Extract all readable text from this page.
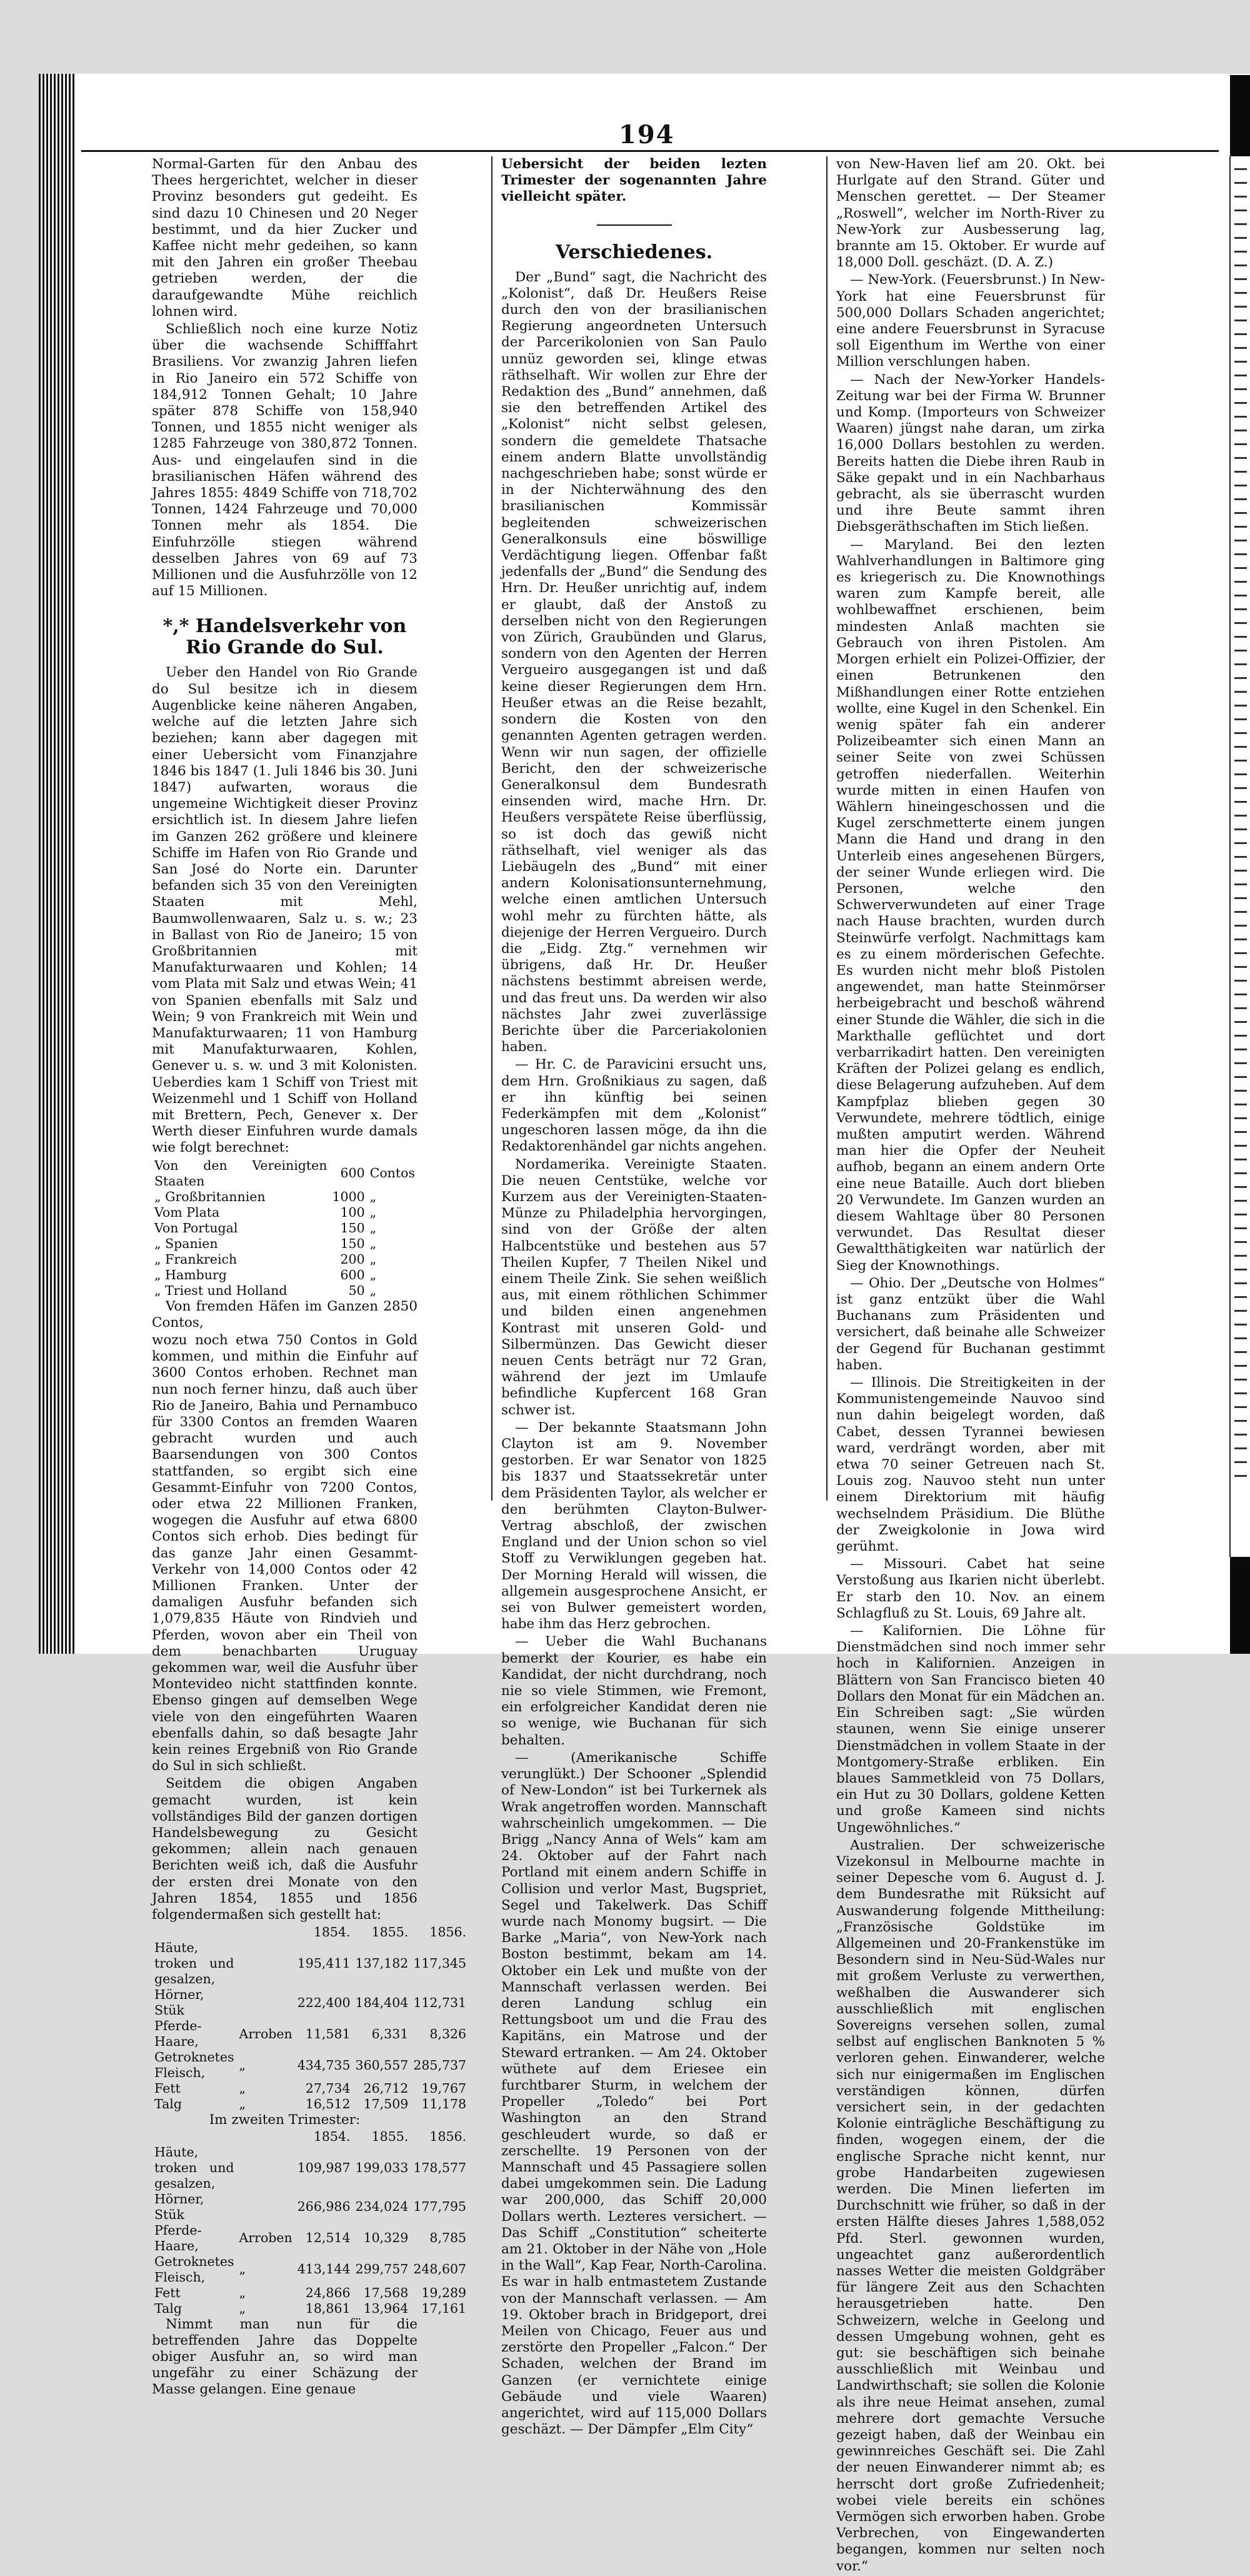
194

Normal-Garten für den Anbau des Thees hergerichtet, welcher in dieser Provinz besonders gut gedeiht. Es sind dazu 10 Chinesen und 20 Neger bestimmt, und da hier Zucker und Kaffee nicht mehr gedeihen, so kann mit den Jahren ein großer Theebau getrieben werden, der die daraufgewandte Mühe reichlich lohnen wird.

Schließlich noch eine kurze Notiz über die wachsende Schifffahrt Brasiliens. Vor zwanzig Jahren liefen in Rio Janeiro ein 572 Schiffe von 184,912 Tonnen Gehalt; 10 Jahre später 878 Schiffe von 158,940 Tonnen, und 1855 nicht weniger als 1285 Fahrzeuge von 380,872 Tonnen. Aus- und eingelaufen sind in die brasilianischen Häfen während des Jahres 1855: 4849 Schiffe von 718,702 Tonnen, 1424 Fahrzeuge und 70,000 Tonnen mehr als 1854. Die Einfuhrzölle stiegen während desselben Jahres von 69 auf 73 Millionen und die Ausfuhrzölle von 12 auf 15 Millionen.

*,* Handelsverkehr von Rio Grande do Sul.

Ueber den Handel von Rio Grande do Sul besitze ich in diesem Augenblicke keine näheren Angaben, welche auf die letzten Jahre sich beziehen; kann aber dagegen mit einer Uebersicht vom Finanzjahre 1846 bis 1847 (1. Juli 1846 bis 30. Juni 1847) aufwarten, woraus die ungemeine Wichtigkeit dieser Provinz ersichtlich ist. In diesem Jahre liefen im Ganzen 262 größere und kleinere Schiffe im Hafen von Rio Grande und San José do Norte ein. Darunter befanden sich 35 von den Vereinigten Staaten mit Mehl, Baumwollenwaaren, Salz u. s. w.; 23 in Ballast von Rio de Janeiro; 15 von Großbritannien mit Manufakturwaaren und Kohlen; 14 vom Plata mit Salz und etwas Wein; 41 von Spanien ebenfalls mit Salz und Wein; 9 von Frankreich mit Wein und Manufakturwaaren; 11 von Hamburg mit Manufakturwaaren, Kohlen, Genever u. s. w. und 3 mit Kolonisten. Ueberdies kam 1 Schiff von Triest mit Weizenmehl und 1 Schiff von Holland mit Brettern, Pech, Genever x. Der Werth dieser Einfuhren wurde damals wie folgt berechnet:

Von den Vereinigten Staaten	600	Contos
„ Großbritannien	1000	„
Vom Plata	100	„
Von Portugal	150	„
„ Spanien	150	„
„ Frankreich	200	„
„ Hamburg	600	„
„ Triest und Holland	50	„

Von fremden Häfen im Ganzen 2850 Contos,

wozu noch etwa 750 Contos in Gold kommen, und mithin die Einfuhr auf 3600 Contos erhoben. Rechnet man nun noch ferner hinzu, daß auch über Rio de Janeiro, Bahia und Pernambuco für 3300 Contos an fremden Waaren gebracht wurden und auch Baarsendungen von 300 Contos stattfanden, so ergibt sich eine Gesammt-Einfuhr von 7200 Contos, oder etwa 22 Millionen Franken, wogegen die Ausfuhr auf etwa 6800 Contos sich erhob. Dies bedingt für das ganze Jahr einen Gesammt-Verkehr von 14,000 Contos oder 42 Millionen Franken. Unter der damaligen Ausfuhr befanden sich 1,079,835 Häute von Rindvieh und Pferden, wovon aber ein Theil von dem benachbarten Uruguay gekommen war, weil die Ausfuhr über Montevideo nicht stattfinden konnte. Ebenso gingen auf demselben Wege viele von den eingeführten Waaren ebenfalls dahin, so daß besagte Jahr kein reines Ergebniß von Rio Grande do Sul in sich schließt.

Seitdem die obigen Angaben gemacht wurden, ist kein vollständiges Bild der ganzen dortigen Handelsbewegung zu Gesicht gekommen; allein nach genauen Berichten weiß ich, daß die Ausfuhr der ersten drei Monate von den Jahren 1854, 1855 und 1856 folgendermaßen sich gestellt hat:

		1854.	1855.	1856.
Häute, troken und gesalzen,		195,411	137,182	117,345
Hörner, Stük		222,400	184,404	112,731
Pferde-Haare,	Arroben	11,581	6,331	8,326
Getroknetes Fleisch,	„	434,735	360,557	285,737
Fett	„	27,734	26,712	19,767
Talg	„	16,512	17,509	11,178
Im zweiten Trimester:
		1854.	1855.	1856.
Häute, troken und gesalzen,		109,987	199,033	178,577
Hörner, Stük		266,986	234,024	177,795
Pferde-Haare,	Arroben	12,514	10,329	8,785
Getroknetes Fleisch,	„	413,144	299,757	248,607
Fett	„	24,866	17,568	19,289
Talg	„	18,861	13,964	17,161

Nimmt man nun für die betreffenden Jahre das Doppelte obiger Ausfuhr an, so wird man ungefähr zu einer Schäzung der Masse gelangen. Eine genaue

Uebersicht der beiden lezten Trimester der sogenannten Jahre vielleicht später.

Verschiedenes.

Der „Bund“ sagt, die Nachricht des „Kolonist“, daß Dr. Heußers Reise durch den von der brasilianischen Regierung angeordneten Untersuch der Parcerikolonien von San Paulo unnüz geworden sei, klinge etwas räthselhaft. Wir wollen zur Ehre der Redaktion des „Bund“ annehmen, daß sie den betreffenden Artikel des „Kolonist“ nicht selbst gelesen, sondern die gemeldete Thatsache einem andern Blatte unvollständig nachgeschrieben habe; sonst würde er in der Nichterwähnung des den brasilianischen Kommissär begleitenden schweizerischen Generalkonsuls eine böswillige Verdächtigung liegen. Offenbar faßt jedenfalls der „Bund“ die Sendung des Hrn. Dr. Heußer unrichtig auf, indem er glaubt, daß der Anstoß zu derselben nicht von den Regierungen von Zürich, Graubünden und Glarus, sondern von den Agenten der Herren Vergueiro ausgegangen ist und daß keine dieser Regierungen dem Hrn. Heußer etwas an die Reise bezahlt, sondern die Kosten von den genannten Agenten getragen werden. Wenn wir nun sagen, der offizielle Bericht, den der schweizerische Generalkonsul dem Bundesrath einsenden wird, mache Hrn. Dr. Heußers verspätete Reise überflüssig, so ist doch das gewiß nicht räthselhaft, viel weniger als das Liebäugeln des „Bund“ mit einer andern Kolonisationsunternehmung, welche einen amtlichen Untersuch wohl mehr zu fürchten hätte, als diejenige der Herren Vergueiro. Durch die „Eidg. Ztg.“ vernehmen wir übrigens, daß Hr. Dr. Heußer nächstens bestimmt abreisen werde, und das freut uns. Da werden wir also nächstes Jahr zwei zuverlässige Berichte über die Parceriakolonien haben.

— Hr. C. de Paravicini ersucht uns, dem Hrn. Großnikiaus zu sagen, daß er ihn künftig bei seinen Federkämpfen mit dem „Kolonist“ ungeschoren lassen möge, da ihn die Redaktorenhändel gar nichts angehen.

Nordamerika. Vereinigte Staaten. Die neuen Centstüke, welche vor Kurzem aus der Vereinigten-Staaten-Münze zu Philadelphia hervorgingen, sind von der Größe der alten Halbcentstüke und bestehen aus 57 Theilen Kupfer, 7 Theilen Nikel und einem Theile Zink. Sie sehen weißlich aus, mit einem röthlichen Schimmer und bilden einen angenehmen Kontrast mit unseren Gold- und Silbermünzen. Das Gewicht dieser neuen Cents beträgt nur 72 Gran, während der jezt im Umlaufe befindliche Kupfercent 168 Gran schwer ist.

— Der bekannte Staatsmann John Clayton ist am 9. November gestorben. Er war Senator von 1825 bis 1837 und Staatssekretär unter dem Präsidenten Taylor, als welcher er den berühmten Clayton-Bulwer-Vertrag abschloß, der zwischen England und der Union schon so viel Stoff zu Verwiklungen gegeben hat. Der Morning Herald will wissen, die allgemein ausgesprochene Ansicht, er sei von Bulwer gemeistert worden, habe ihm das Herz gebrochen.

— Ueber die Wahl Buchanans bemerkt der Kourier, es habe ein Kandidat, der nicht durchdrang, noch nie so viele Stimmen, wie Fremont, ein erfolgreicher Kandidat deren nie so wenige, wie Buchanan für sich behalten.

— (Amerikanische Schiffe verunglükt.) Der Schooner „Splendid of New-London“ ist bei Turkernek als Wrak angetroffen worden. Mannschaft wahrscheinlich umgekommen. — Die Brigg „Nancy Anna of Wels“ kam am 24. Oktober auf der Fahrt nach Portland mit einem andern Schiffe in Collision und verlor Mast, Bugspriet, Segel und Takelwerk. Das Schiff wurde nach Monomy bugsirt. — Die Barke „Maria“, von New-York nach Boston bestimmt, bekam am 14. Oktober ein Lek und mußte von der Mannschaft verlassen werden. Bei deren Landung schlug ein Rettungsboot um und die Frau des Kapitäns, ein Matrose und der Steward ertranken. — Am 24. Oktober wüthete auf dem Eriesee ein furchtbarer Sturm, in welchem der Propeller „Toledo“ bei Port Washington an den Strand geschleudert wurde, so daß er zerschellte. 19 Personen von der Mannschaft und 45 Passagiere sollen dabei umgekommen sein. Die Ladung war 200,000, das Schiff 20,000 Dollars werth. Lezteres versichert. — Das Schiff „Constitution“ scheiterte am 21. Oktober in der Nähe von „Hole in the Wall“, Kap Fear, North-Carolina. Es war in halb entmastetem Zustande von der Mannschaft verlassen. — Am 19. Oktober brach in Bridgeport, drei Meilen von Chicago, Feuer aus und zerstörte den Propeller „Falcon.“ Der Schaden, welchen der Brand im Ganzen (er vernichtete einige Gebäude und viele Waaren) angerichtet, wird auf 115,000 Dollars geschäzt. — Der Dämpfer „Elm City“

von New-Haven lief am 20. Okt. bei Hurlgate auf den Strand. Güter und Menschen gerettet. — Der Steamer „Roswell“, welcher im North-River zu New-York zur Ausbesserung lag, brannte am 15. Oktober. Er wurde auf 18,000 Doll. geschäzt. (D. A. Z.)

— New-York. (Feuersbrunst.) In New-York hat eine Feuersbrunst für 500,000 Dollars Schaden angerichtet; eine andere Feuersbrunst in Syracuse soll Eigenthum im Werthe von einer Million verschlungen haben.

— Nach der New-Yorker Handels-Zeitung war bei der Firma W. Brunner und Komp. (Importeurs von Schweizer Waaren) jüngst nahe daran, um zirka 16,000 Dollars bestohlen zu werden. Bereits hatten die Diebe ihren Raub in Säke gepakt und in ein Nachbarhaus gebracht, als sie überrascht wurden und ihre Beute sammt ihren Diebsgeräthschaften im Stich ließen.

— Maryland. Bei den lezten Wahlverhandlungen in Baltimore ging es kriegerisch zu. Die Knownothings waren zum Kampfe bereit, alle wohlbewaffnet erschienen, beim mindesten Anlaß machten sie Gebrauch von ihren Pistolen. Am Morgen erhielt ein Polizei-Offizier, der einen Betrunkenen den Mißhandlungen einer Rotte entziehen wollte, eine Kugel in den Schenkel. Ein wenig später fah ein anderer Polizeibeamter sich einen Mann an seiner Seite von zwei Schüssen getroffen niederfallen. Weiterhin wurde mitten in einen Haufen von Wählern hineingeschossen und die Kugel zerschmetterte einem jungen Mann die Hand und drang in den Unterleib eines angesehenen Bürgers, der seiner Wunde erliegen wird. Die Personen, welche den Schwerverwundeten auf einer Trage nach Hause brachten, wurden durch Steinwürfe verfolgt. Nachmittags kam es zu einem mörderischen Gefechte. Es wurden nicht mehr bloß Pistolen angewendet, man hatte Steinmörser herbeigebracht und beschoß während einer Stunde die Wähler, die sich in die Markthalle geflüchtet und dort verbarrikadirt hatten. Den vereinigten Kräften der Polizei gelang es endlich, diese Belagerung aufzuheben. Auf dem Kampfplaz blieben gegen 30 Verwundete, mehrere tödtlich, einige mußten amputirt werden. Während man hier die Opfer der Neuheit aufhob, begann an einem andern Orte eine neue Bataille. Auch dort blieben 20 Verwundete. Im Ganzen wurden an diesem Wahltage über 80 Personen verwundet. Das Resultat dieser Gewaltthätigkeiten war natürlich der Sieg der Knownothings.

— Ohio. Der „Deutsche von Holmes“ ist ganz entzükt über die Wahl Buchanans zum Präsidenten und versichert, daß beinahe alle Schweizer der Gegend für Buchanan gestimmt haben.

— Illinois. Die Streitigkeiten in der Kommunistengemeinde Nauvoo sind nun dahin beigelegt worden, daß Cabet, dessen Tyrannei bewiesen ward, verdrängt worden, aber mit etwa 70 seiner Getreuen nach St. Louis zog. Nauvoo steht nun unter einem Direktorium mit häufig wechselndem Präsidium. Die Blüthe der Zweigkolonie in Jowa wird gerühmt.

— Missouri. Cabet hat seine Verstoßung aus Ikarien nicht überlebt. Er starb den 10. Nov. an einem Schlagfluß zu St. Louis, 69 Jahre alt.

— Kalifornien. Die Löhne für Dienstmädchen sind noch immer sehr hoch in Kalifornien. Anzeigen in Blättern von San Francisco bieten 40 Dollars den Monat für ein Mädchen an. Ein Schreiben sagt: „Sie würden staunen, wenn Sie einige unserer Dienstmädchen in vollem Staate in der Montgomery-Straße erbliken. Ein blaues Sammetkleid von 75 Dollars, ein Hut zu 30 Dollars, goldene Ketten und große Kameen sind nichts Ungewöhnliches.“

Australien. Der schweizerische Vizekonsul in Melbourne machte in seiner Depesche vom 6. August d. J. dem Bundesrathe mit Rüksicht auf Auswanderung folgende Mittheilung: „Französische Goldstüke im Allgemeinen und 20-Frankenstüke im Besondern sind in Neu-Süd-Wales nur mit großem Verluste zu verwerthen, weßhalben die Auswanderer sich ausschließlich mit englischen Sovereigns versehen sollen, zumal selbst auf englischen Banknoten 5 % verloren gehen. Einwanderer, welche sich nur einigermaßen im Englischen verständigen können, dürfen versichert sein, in der gedachten Kolonie einträgliche Beschäftigung zu finden, wogegen einem, der die englische Sprache nicht kennt, nur grobe Handarbeiten zugewiesen werden. Die Minen lieferten im Durchschnitt wie früher, so daß in der ersten Hälfte dieses Jahres 1,588,052 Pfd. Sterl. gewonnen wurden, ungeachtet ganz außerordentlich nasses Wetter die meisten Goldgräber für längere Zeit aus den Schachten herausgetrieben hatte. Den Schweizern, welche in Geelong und dessen Umgebung wohnen, geht es gut: sie beschäftigen sich beinahe ausschließlich mit Weinbau und Landwirthschaft; sie sollen die Kolonie als ihre neue Heimat ansehen, zumal mehrere dort gemachte Versuche gezeigt haben, daß der Weinbau ein gewinnreiches Geschäft sei. Die Zahl der neuen Einwanderer nimmt ab; es herrscht dort große Zufriedenheit; wobei viele bereits ein schönes Vermögen sich erworben haben. Grobe Verbrechen, von Eingewanderten begangen, kommen nur selten noch vor.“
